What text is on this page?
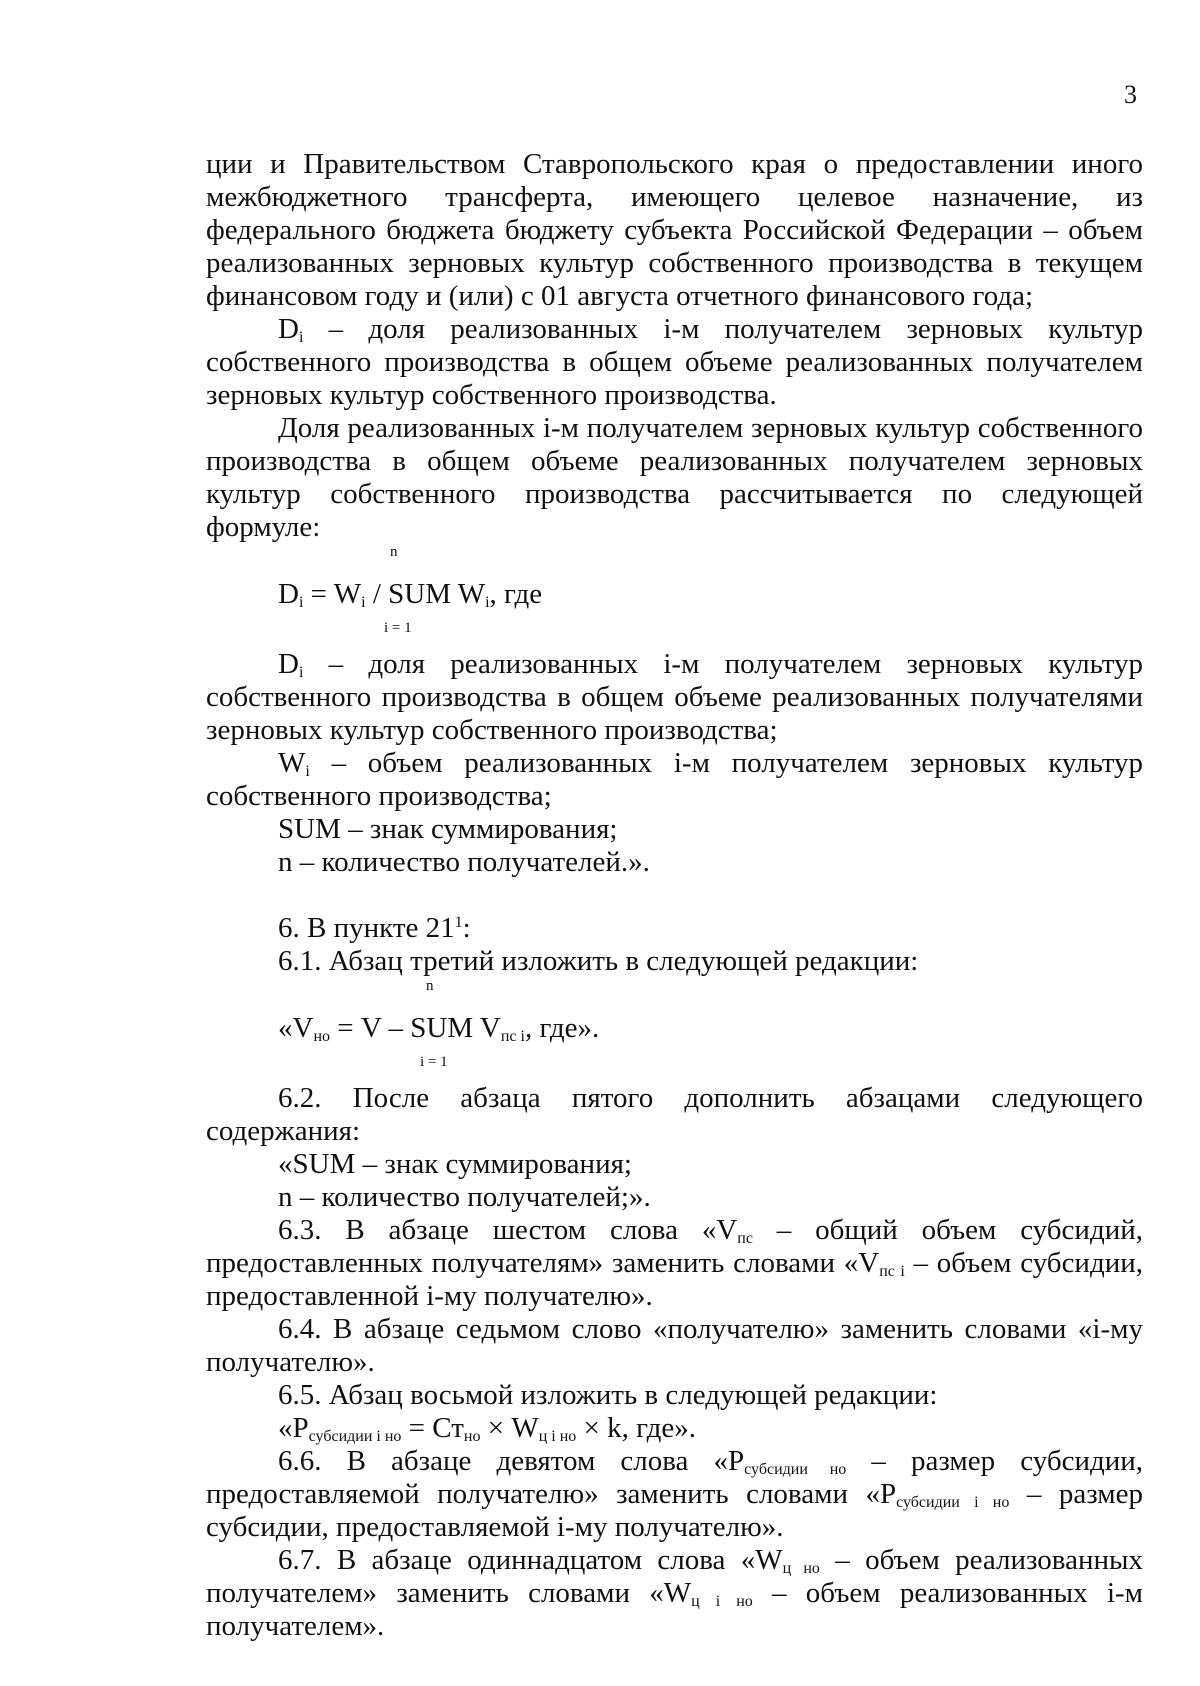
3

ции и Правительством Ставропольского края о предоставлении иного межбюджетного трансферта, имеющего целевое назначение, из федерального бюджета бюджету субъекта Российской Федерации – объем реализованных зерновых культур собственного производства в текущем финансовом году и (или) с 01 августа отчетного финансового года;

$D_i$ – доля реализованных i-м получателем зерновых культур собственного производства в общем объеме реализованных получателем зерновых культур собственного производства.

Доля реализованных i-м получателем зерновых культур собственного производства в общем объеме реализованных получателем зерновых культур собственного производства рассчитывается по следующей формуле:

n
$D_i = W_i$ / SUM $W_i$, где
i = 1

$D_i$ – доля реализованных i-м получателем зерновых культур собственного производства в общем объеме реализованных получателями зерновых культур собственного производства;

$W_i$ – объем реализованных i-м получателем зерновых культур собственного производства;

SUM – знак суммирования;

n – количество получателей.».

6. В пункте $21^1$:

6.1. Абзац третий изложить в следующей редакции:

n
«$V_{но} = V$ – SUM $V_{пс i}$, где».
i = 1

6.2. После абзаца пятого дополнить абзацами следующего содержания:

«SUM – знак суммирования;

n – количество получателей;».

6.3. В абзаце шестом слова «$V_{пс}$ – общий объем субсидий, предоставленных получателям» заменить словами «$V_{пс i}$ – объем субсидии, предоставленной i-му получателю».

6.4. В абзаце седьмом слово «получателю» заменить словами «i-му получателю».

6.5. Абзац восьмой изложить в следующей редакции:

«$P_{субсидии i но} = Ст_{но} \times W_{ц i но} \times k$, где».

6.6. В абзаце девятом слова «$P_{субсидии но}$ – размер субсидии, предоставляемой получателю» заменить словами «$P_{субсидии i но}$ – размер субсидии, предоставляемой i-му получателю».

6.7. В абзаце одиннадцатом слова «$W_{ц но}$ – объем реализованных получателем» заменить словами «$W_{ц i но}$ – объем реализованных i-м получателем».
